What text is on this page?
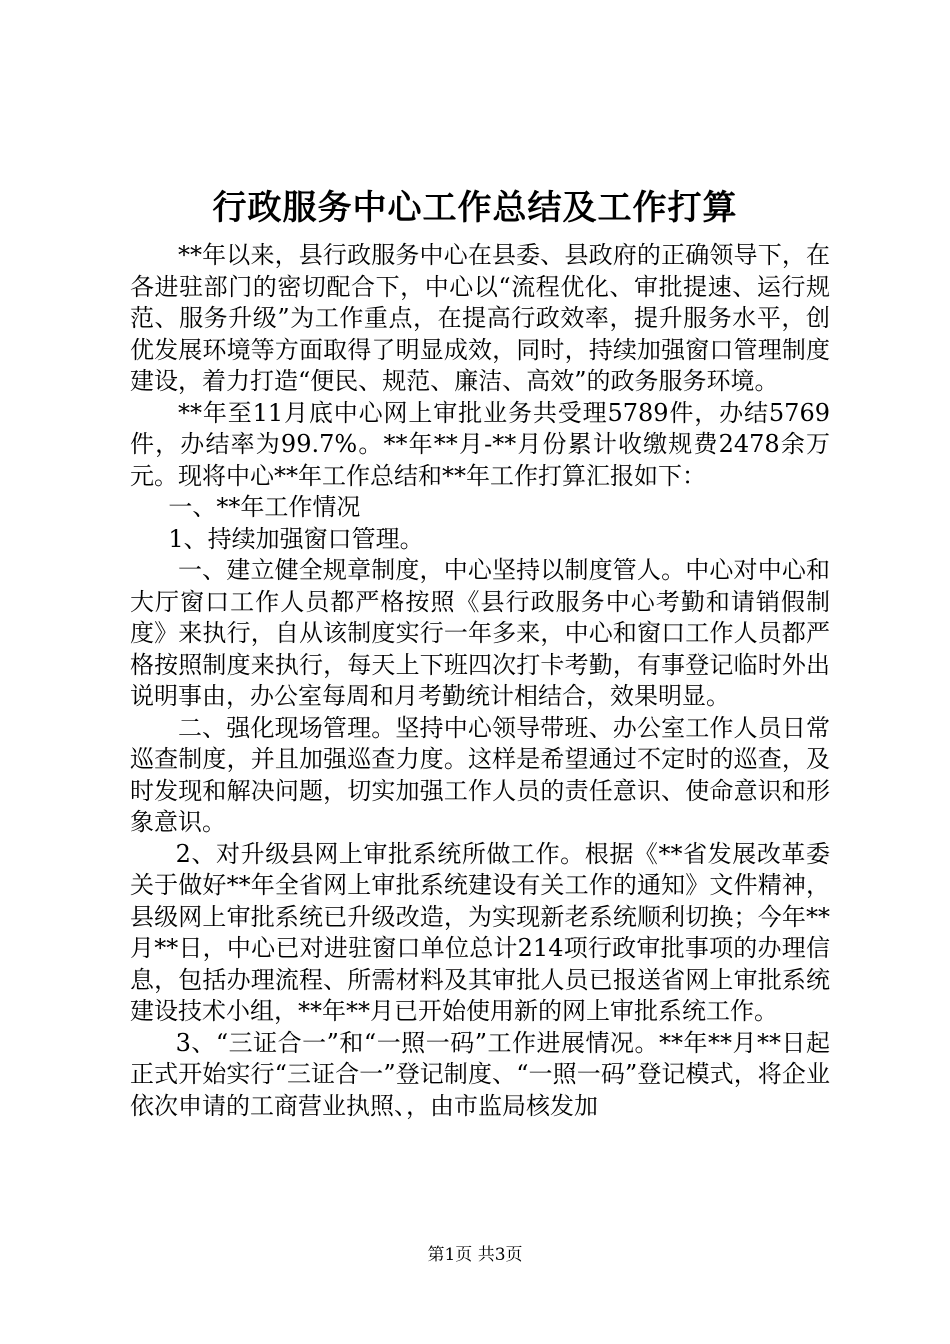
行政服务中心工作总结及工作打算

**年以来，县行政服务中心在县委、县政府的正确领导下，在各进驻部门的密切配合下，中心以“流程优化、审批提速、运行规范、服务升级”为工作重点，在提高行政效率，提升服务水平，创优发展环境等方面取得了明显成效，同时，持续加强窗口管理制度建设，着力打造“便民、规范、廉洁、高效”的政务服务环境。

**年至11月底中心网上审批业务共受理5789件，办结5769件，办结率为99.7%。**年**月-**月份累计收缴规费2478余万元。现将中心**年工作总结和**年工作打算汇报如下：

一、**年工作情况

1、持续加强窗口管理。

一、建立健全规章制度，中心坚持以制度管人。中心对中心和大厅窗口工作人员都严格按照《县行政服务中心考勤和请销假制度》来执行，自从该制度实行一年多来，中心和窗口工作人员都严格按照制度来执行，每天上下班四次打卡考勤，有事登记临时外出说明事由，办公室每周和月考勤统计相结合，效果明显。

二、强化现场管理。坚持中心领导带班、办公室工作人员日常巡查制度，并且加强巡查力度。这样是希望通过不定时的巡查，及时发现和解决问题，切实加强工作人员的责任意识、使命意识和形象意识。

2、对升级县网上审批系统所做工作。根据《**省发展改革委关于做好**年全省网上审批系统建设有关工作的通知》文件精神，县级网上审批系统已升级改造，为实现新老系统顺利切换；今年**月**日，中心已对进驻窗口单位总计214项行政审批事项的办理信息，包括办理流程、所需材料及其审批人员已报送省网上审批系统建设技术小组，**年**月已开始使用新的网上审批系统工作。

3、“三证合一”和“一照一码”工作进展情况。**年**月**日起正式开始实行“三证合一”登记制度、“一照一码”登记模式，将企业依次申请的工商营业执照、，由市监局核发加

第1页 共3页
